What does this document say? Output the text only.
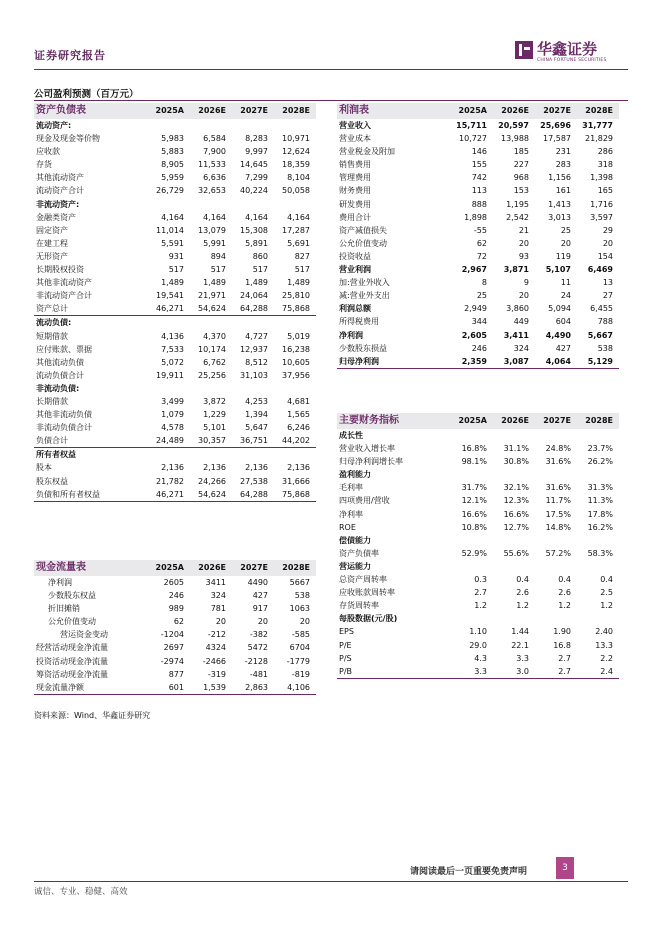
证券研究报告	华鑫证券
CHINA FORTUNE SECURITIES
公司盈利预测（百万元）
资产负债表	2025A	2026E	2027E	2028E
流动资产:				
现金及现金等价物	5,983	6,584	8,283	10,971
应收款	5,883	7,900	9,997	12,624
存货	8,905	11,533	14,645	18,359
其他流动资产	5,959	6,636	7,299	8,104
流动资产合计	26,729	32,653	40,224	50,058
非流动资产:				
金融类资产	4,164	4,164	4,164	4,164
固定资产	11,014	13,079	15,308	17,287
在建工程	5,591	5,991	5,891	5,691
无形资产	931	894	860	827
长期股权投资	517	517	517	517
其他非流动资产	1,489	1,489	1,489	1,489
非流动资产合计	19,541	21,971	24,064	25,810
资产总计	46,271	54,624	64,288	75,868
流动负债:				
短期借款	4,136	4,370	4,727	5,019
应付账款、票据	7,533	10,174	12,937	16,238
其他流动负债	5,072	6,762	8,512	10,605
流动负债合计	19,911	25,256	31,103	37,956
非流动负债:				
长期借款	3,499	3,872	4,253	4,681
其他非流动负债	1,079	1,229	1,394	1,565
非流动负债合计	4,578	5,101	5,647	6,246
负债合计	24,489	30,357	36,751	44,202
所有者权益				
股本	2,136	2,136	2,136	2,136
股东权益	21,782	24,266	27,538	31,666
负债和所有者权益	46,271	54,624	64,288	75,868
现金流量表	2025A	2026E	2027E	2028E
净利润	2605	3411	4490	5667
少数股东权益	246	324	427	538
折旧摊销	989	781	917	1063
公允价值变动	62	20	20	20
营运资金变动	-1204	-212	-382	-585
经营活动现金净流量	2697	4324	5472	6704
投资活动现金净流量	-2974	-2466	-2128	-1779
筹资活动现金净流量	877	-319	-481	-819
现金流量净额	601	1,539	2,863	4,106
利润表	2025A	2026E	2027E	2028E
营业收入	15,711	20,597	25,696	31,777
营业成本	10,727	13,988	17,587	21,829
营业税金及附加	146	185	231	286
销售费用	155	227	283	318
管理费用	742	968	1,156	1,398
财务费用	113	153	161	165
研发费用	888	1,195	1,413	1,716
费用合计	1,898	2,542	3,013	3,597
资产减值损失	-55	21	25	29
公允价值变动	62	20	20	20
投资收益	72	93	119	154
营业利润	2,967	3,871	5,107	6,469
加:营业外收入	8	9	11	13
减:营业外支出	25	20	24	27
利润总额	2,949	3,860	5,094	6,455
所得税费用	344	449	604	788
净利润	2,605	3,411	4,490	5,667
少数股东损益	246	324	427	538
归母净利润	2,359	3,087	4,064	5,129
主要财务指标	2025A	2026E	2027E	2028E
成长性				
营业收入增长率	16.8%	31.1%	24.8%	23.7%
归母净利润增长率	98.1%	30.8%	31.6%	26.2%
盈利能力				
毛利率	31.7%	32.1%	31.6%	31.3%
四项费用/营收	12.1%	12.3%	11.7%	11.3%
净利率	16.6%	16.6%	17.5%	17.8%
ROE	10.8%	12.7%	14.8%	16.2%
偿债能力				
资产负债率	52.9%	55.6%	57.2%	58.3%
营运能力				
总资产周转率	0.3	0.4	0.4	0.4
应收账款周转率	2.7	2.6	2.6	2.5
存货周转率	1.2	1.2	1.2	1.2
每股数据(元/股)				
EPS	1.10	1.44	1.90	2.40
P/E	29.0	22.1	16.8	13.3
P/S	4.3	3.3	2.7	2.2
P/B	3.3	3.0	2.7	2.4
资料来源：Wind、华鑫证券研究
请阅读最后一页重要免责声明	3
诚信、专业、稳健、高效
